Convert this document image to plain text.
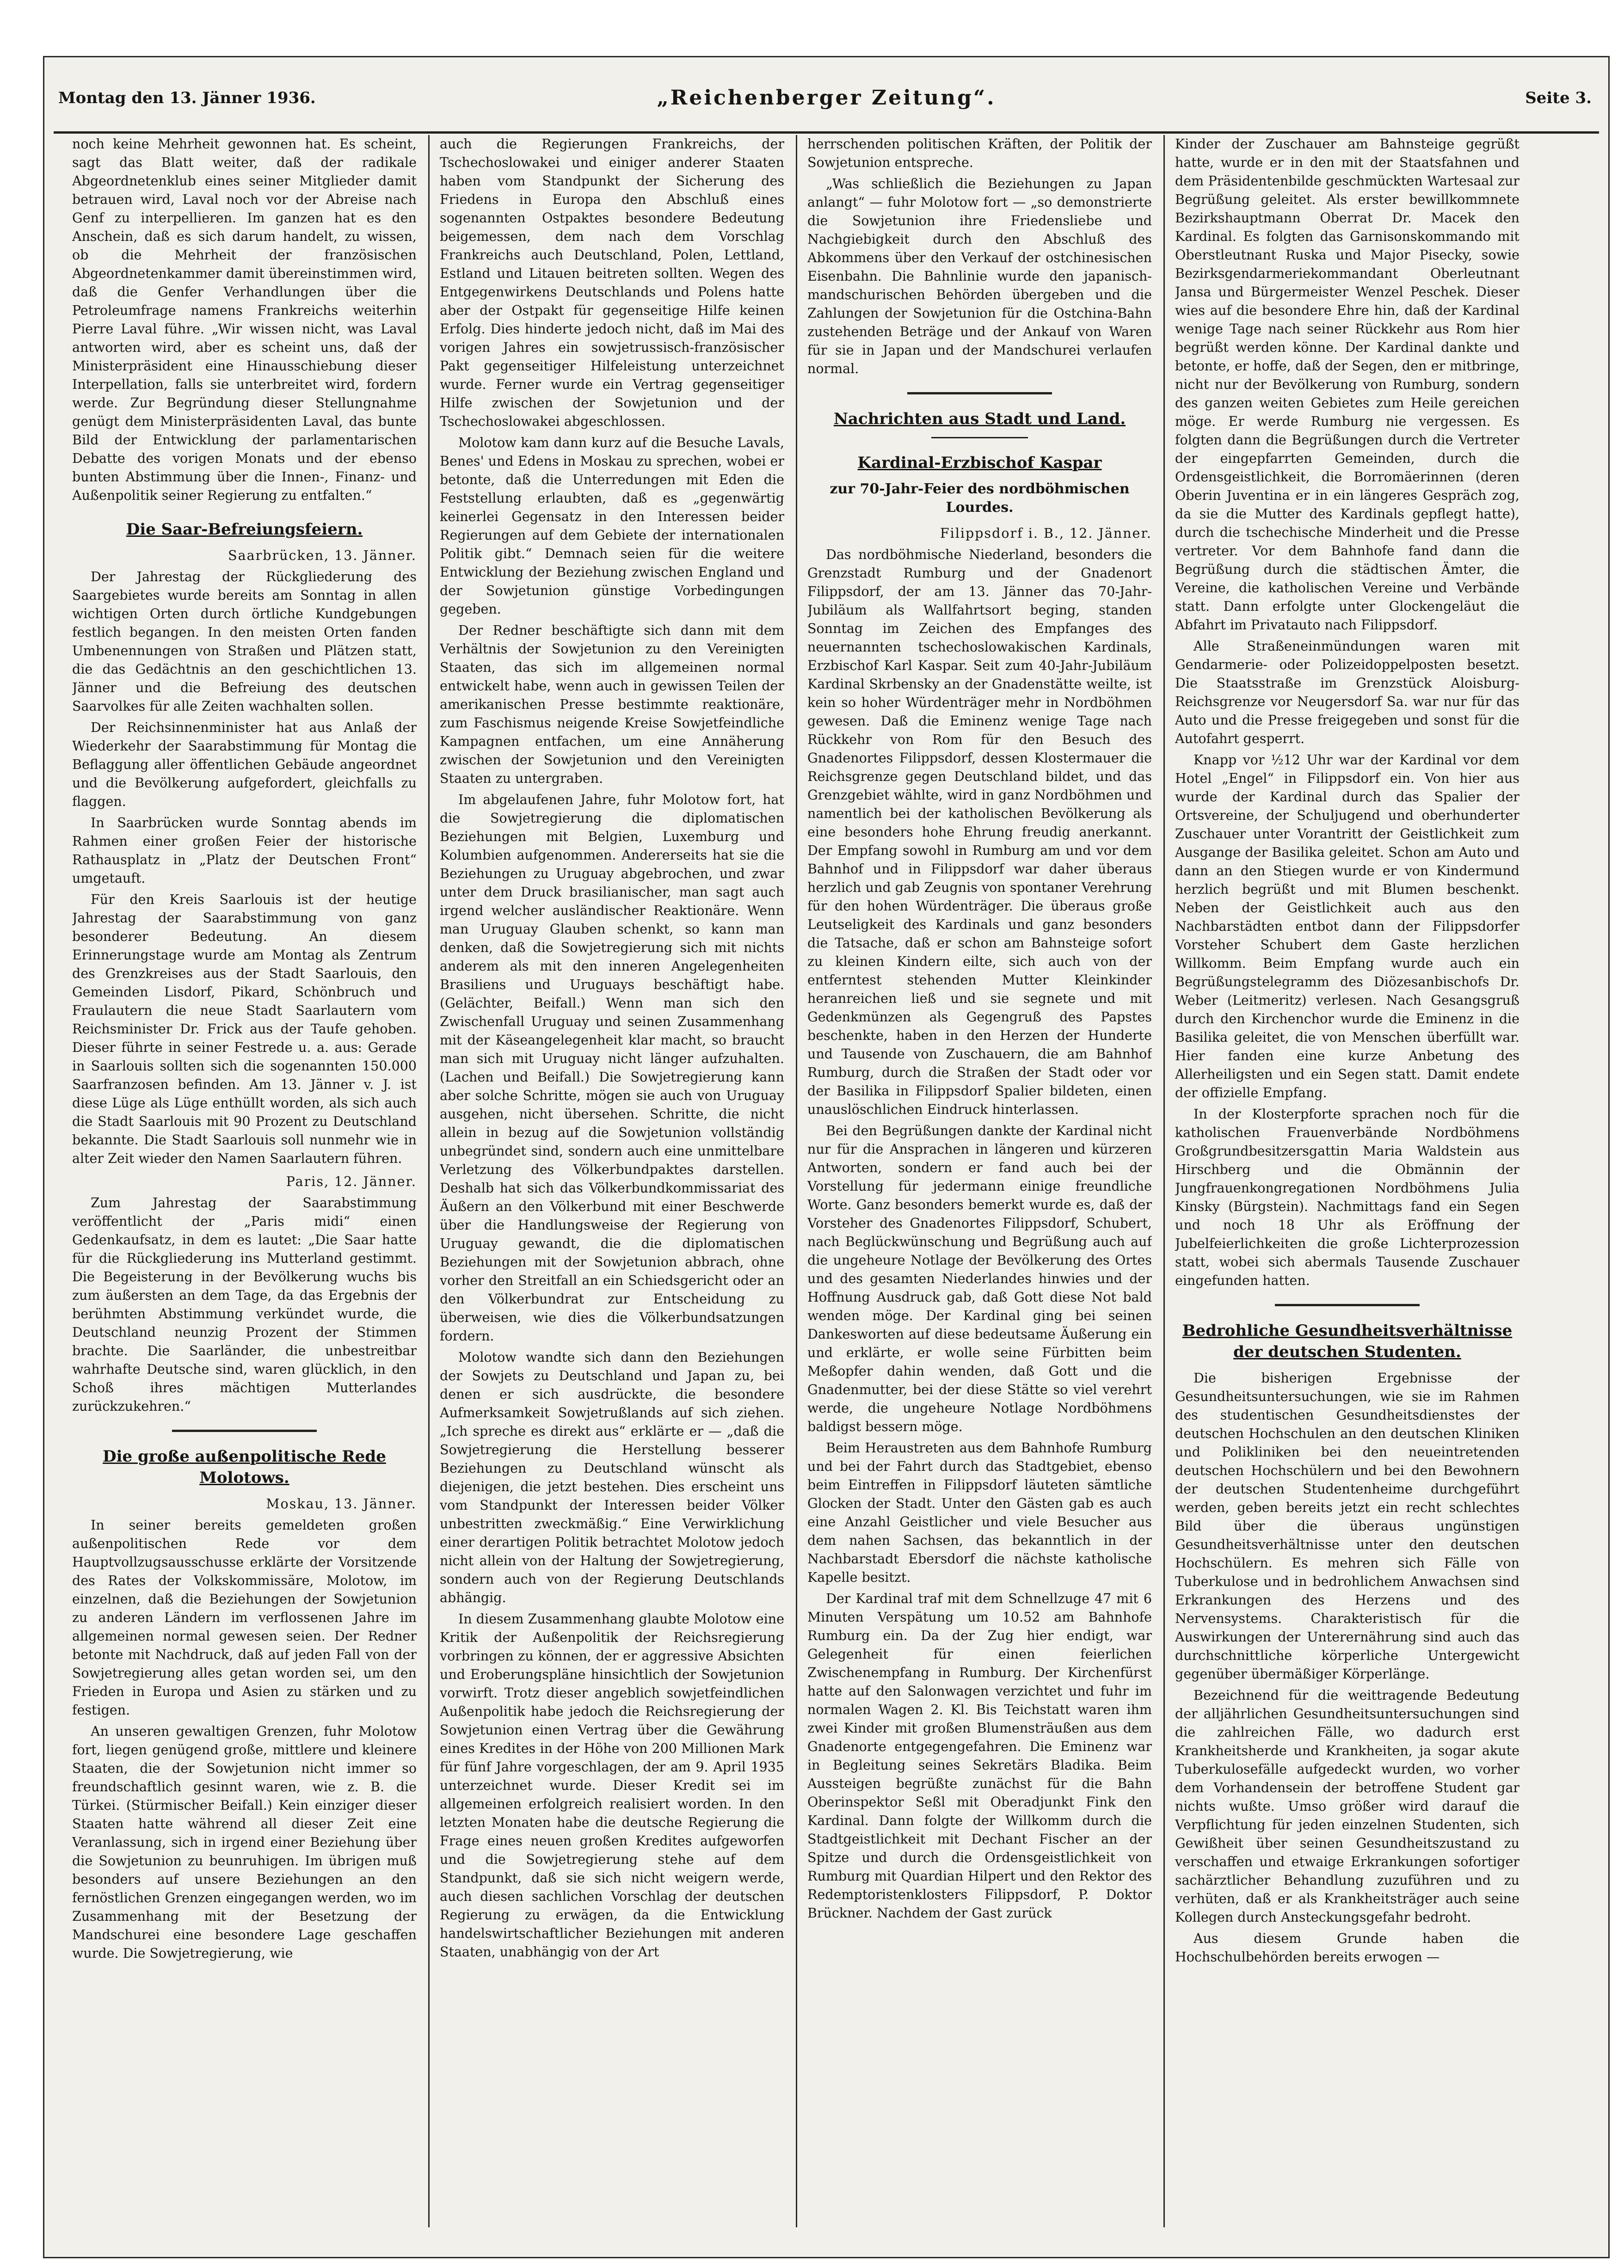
Montag den 13. Jänner 1936.	„Reichenberger Zeitung“.	Seite 3.

noch keine Mehrheit gewonnen hat. Es scheint, sagt das Blatt weiter, daß der radikale Abgeordnetenklub eines seiner Mitglieder damit betrauen wird, Laval noch vor der Abreise nach Genf zu interpellieren. Im ganzen hat es den Anschein, daß es sich darum handelt, zu wissen, ob die Mehrheit der französischen Abgeordnetenkammer damit übereinstimmen wird, daß die Genfer Verhandlungen über die Petroleumfrage namens Frankreichs weiterhin Pierre Laval führe. „Wir wissen nicht, was Laval antworten wird, aber es scheint uns, daß der Ministerpräsident eine Hinausschiebung dieser Interpellation, falls sie unterbreitet wird, fordern werde. Zur Begründung dieser Stellungnahme genügt dem Ministerpräsidenten Laval, das bunte Bild der Entwicklung der parlamentarischen Debatte des vorigen Monats und der ebenso bunten Abstimmung über die Innen-, Finanz- und Außenpolitik seiner Regierung zu entfalten.“

Die Saar-Befreiungsfeiern.

Saarbrücken, 13. Jänner.

Der Jahrestag der Rückgliederung des Saargebietes wurde bereits am Sonntag in allen wichtigen Orten durch örtliche Kundgebungen festlich begangen. In den meisten Orten fanden Umbenennungen von Straßen und Plätzen statt, die das Gedächtnis an den geschichtlichen 13. Jänner und die Befreiung des deutschen Saarvolkes für alle Zeiten wachhalten sollen.

Der Reichsinnenminister hat aus Anlaß der Wiederkehr der Saarabstimmung für Montag die Beflaggung aller öffentlichen Gebäude angeordnet und die Bevölkerung aufgefordert, gleichfalls zu flaggen.

In Saarbrücken wurde Sonntag abends im Rahmen einer großen Feier der historische Rathausplatz in „Platz der Deutschen Front“ umgetauft.

Für den Kreis Saarlouis ist der heutige Jahrestag der Saarabstimmung von ganz besonderer Bedeutung. An diesem Erinnerungstage wurde am Montag als Zentrum des Grenzkreises aus der Stadt Saarlouis, den Gemeinden Lisdorf, Pikard, Schönbruch und Fraulautern die neue Stadt Saarlautern vom Reichsminister Dr. Frick aus der Taufe gehoben. Dieser führte in seiner Festrede u. a. aus: Gerade in Saarlouis sollten sich die sogenannten 150.000 Saarfranzosen befinden. Am 13. Jänner v. J. ist diese Lüge als Lüge enthüllt worden, als sich auch die Stadt Saarlouis mit 90 Prozent zu Deutschland bekannte. Die Stadt Saarlouis soll nunmehr wie in alter Zeit wieder den Namen Saarlautern führen.

Paris, 12. Jänner.

Zum Jahrestag der Saarabstimmung veröffentlicht der „Paris midi“ einen Gedenkaufsatz, in dem es lautet: „Die Saar hatte für die Rückgliederung ins Mutterland gestimmt. Die Begeisterung in der Bevölkerung wuchs bis zum äußersten an dem Tage, da das Ergebnis der berühmten Abstimmung verkündet wurde, die Deutschland neunzig Prozent der Stimmen brachte. Die Saarländer, die unbestreitbar wahrhafte Deutsche sind, waren glücklich, in den Schoß ihres mächtigen Mutterlandes zurückzukehren.“

Die große außenpolitische Rede Molotows.

Moskau, 13. Jänner.

In seiner bereits gemeldeten großen außenpolitischen Rede vor dem Hauptvollzugsausschusse erklärte der Vorsitzende des Rates der Volkskommissäre, Molotow, im einzelnen, daß die Beziehungen der Sowjetunion zu anderen Ländern im verflossenen Jahre im allgemeinen normal gewesen seien. Der Redner betonte mit Nachdruck, daß auf jeden Fall von der Sowjetregierung alles getan worden sei, um den Frieden in Europa und Asien zu stärken und zu festigen.

An unseren gewaltigen Grenzen, fuhr Molotow fort, liegen genügend große, mittlere und kleinere Staaten, die der Sowjetunion nicht immer so freundschaftlich gesinnt waren, wie z. B. die Türkei. (Stürmischer Beifall.) Kein einziger dieser Staaten hatte während all dieser Zeit eine Veranlassung, sich in irgend einer Beziehung über die Sowjetunion zu beunruhigen. Im übrigen muß besonders auf unsere Beziehungen an den fernöstlichen Grenzen eingegangen werden, wo im Zusammenhang mit der Besetzung der Mandschurei eine besondere Lage geschaffen wurde. Die Sowjetregierung, wie

auch die Regierungen Frankreichs, der Tschechoslowakei und einiger anderer Staaten haben vom Standpunkt der Sicherung des Friedens in Europa den Abschluß eines sogenannten Ostpaktes besondere Bedeutung beigemessen, dem nach dem Vorschlag Frankreichs auch Deutschland, Polen, Lettland, Estland und Litauen beitreten sollten. Wegen des Entgegenwirkens Deutschlands und Polens hatte aber der Ostpakt für gegenseitige Hilfe keinen Erfolg. Dies hinderte jedoch nicht, daß im Mai des vorigen Jahres ein sowjetrussisch-französischer Pakt gegenseitiger Hilfeleistung unterzeichnet wurde. Ferner wurde ein Vertrag gegenseitiger Hilfe zwischen der Sowjetunion und der Tschechoslowakei abgeschlossen.

Molotow kam dann kurz auf die Besuche Lavals, Benes' und Edens in Moskau zu sprechen, wobei er betonte, daß die Unterredungen mit Eden die Feststellung erlaubten, daß es „gegenwärtig keinerlei Gegensatz in den Interessen beider Regierungen auf dem Gebiete der internationalen Politik gibt.“ Demnach seien für die weitere Entwicklung der Beziehung zwischen England und der Sowjetunion günstige Vorbedingungen gegeben.

Der Redner beschäftigte sich dann mit dem Verhältnis der Sowjetunion zu den Vereinigten Staaten, das sich im allgemeinen normal entwickelt habe, wenn auch in gewissen Teilen der amerikanischen Presse bestimmte reaktionäre, zum Faschismus neigende Kreise Sowjetfeindliche Kampagnen entfachen, um eine Annäherung zwischen der Sowjetunion und den Vereinigten Staaten zu untergraben.

Im abgelaufenen Jahre, fuhr Molotow fort, hat die Sowjetregierung die diplomatischen Beziehungen mit Belgien, Luxemburg und Kolumbien aufgenommen. Andererseits hat sie die Beziehungen zu Uruguay abgebrochen, und zwar unter dem Druck brasilianischer, man sagt auch irgend welcher ausländischer Reaktionäre. Wenn man Uruguay Glauben schenkt, so kann man denken, daß die Sowjetregierung sich mit nichts anderem als mit den inneren Angelegenheiten Brasiliens und Uruguays beschäftigt habe. (Gelächter, Beifall.) Wenn man sich den Zwischenfall Uruguay und seinen Zusammenhang mit der Käseangelegenheit klar macht, so braucht man sich mit Uruguay nicht länger aufzuhalten. (Lachen und Beifall.) Die Sowjetregierung kann aber solche Schritte, mögen sie auch von Uruguay ausgehen, nicht übersehen. Schritte, die nicht allein in bezug auf die Sowjetunion vollständig unbegründet sind, sondern auch eine unmittelbare Verletzung des Völkerbundpaktes darstellen. Deshalb hat sich das Völkerbundkommissariat des Äußern an den Völkerbund mit einer Beschwerde über die Handlungsweise der Regierung von Uruguay gewandt, die die diplomatischen Beziehungen mit der Sowjetunion abbrach, ohne vorher den Streitfall an ein Schiedsgericht oder an den Völkerbundrat zur Entscheidung zu überweisen, wie dies die Völkerbundsatzungen fordern.

Molotow wandte sich dann den Beziehungen der Sowjets zu Deutschland und Japan zu, bei denen er sich ausdrückte, die besondere Aufmerksamkeit Sowjetrußlands auf sich ziehen. „Ich spreche es direkt aus“ erklärte er — „daß die Sowjetregierung die Herstellung besserer Beziehungen zu Deutschland wünscht als diejenigen, die jetzt bestehen. Dies erscheint uns vom Standpunkt der Interessen beider Völker unbestritten zweckmäßig.“ Eine Verwirklichung einer derartigen Politik betrachtet Molotow jedoch nicht allein von der Haltung der Sowjetregierung, sondern auch von der Regierung Deutschlands abhängig.

In diesem Zusammenhang glaubte Molotow eine Kritik der Außenpolitik der Reichsregierung vorbringen zu können, der er aggressive Absichten und Eroberungspläne hinsichtlich der Sowjetunion vorwirft. Trotz dieser angeblich sowjetfeindlichen Außenpolitik habe jedoch die Reichsregierung der Sowjetunion einen Vertrag über die Gewährung eines Kredites in der Höhe von 200 Millionen Mark für fünf Jahre vorgeschlagen, der am 9. April 1935 unterzeichnet wurde. Dieser Kredit sei im allgemeinen erfolgreich realisiert worden. In den letzten Monaten habe die deutsche Regierung die Frage eines neuen großen Kredites aufgeworfen und die Sowjetregierung stehe auf dem Standpunkt, daß sie sich nicht weigern werde, auch diesen sachlichen Vorschlag der deutschen Regierung zu erwägen, da die Entwicklung handelswirtschaftlicher Beziehungen mit anderen Staaten, unabhängig von der Art

herrschenden politischen Kräften, der Politik der Sowjetunion entspreche.

„Was schließlich die Beziehungen zu Japan anlangt“ — fuhr Molotow fort — „so demonstrierte die Sowjetunion ihre Friedensliebe und Nachgiebigkeit durch den Abschluß des Abkommens über den Verkauf der ostchinesischen Eisenbahn. Die Bahnlinie wurde den japanisch-mandschurischen Behörden übergeben und die Zahlungen der Sowjetunion für die Ostchina-Bahn zustehenden Beträge und der Ankauf von Waren für sie in Japan und der Mandschurei verlaufen normal.

Nachrichten aus Stadt und Land.
Kardinal-Erzbischof Kaspar
zur 70-Jahr-Feier des nordböhmischen Lourdes.

Filippsdorf i. B., 12. Jänner.

Das nordböhmische Niederland, besonders die Grenzstadt Rumburg und der Gnadenort Filippsdorf, der am 13. Jänner das 70-Jahr-Jubiläum als Wallfahrtsort beging, standen Sonntag im Zeichen des Empfanges des neuernannten tschechoslowakischen Kardinals, Erzbischof Karl Kaspar. Seit zum 40-Jahr-Jubiläum Kardinal Skrbensky an der Gnadenstätte weilte, ist kein so hoher Würdenträger mehr in Nordböhmen gewesen. Daß die Eminenz wenige Tage nach Rückkehr von Rom für den Besuch des Gnadenortes Filippsdorf, dessen Klostermauer die Reichsgrenze gegen Deutschland bildet, und das Grenzgebiet wählte, wird in ganz Nordböhmen und namentlich bei der katholischen Bevölkerung als eine besonders hohe Ehrung freudig anerkannt. Der Empfang sowohl in Rumburg am und vor dem Bahnhof und in Filippsdorf war daher überaus herzlich und gab Zeugnis von spontaner Verehrung für den hohen Würdenträger. Die überaus große Leutseligkeit des Kardinals und ganz besonders die Tatsache, daß er schon am Bahnsteige sofort zu kleinen Kindern eilte, sich auch von der entferntest stehenden Mutter Kleinkinder heranreichen ließ und sie segnete und mit Gedenkmünzen als Gegengruß des Papstes beschenkte, haben in den Herzen der Hunderte und Tausende von Zuschauern, die am Bahnhof Rumburg, durch die Straßen der Stadt oder vor der Basilika in Filippsdorf Spalier bildeten, einen unauslöschlichen Eindruck hinterlassen.

Bei den Begrüßungen dankte der Kardinal nicht nur für die Ansprachen in längeren und kürzeren Antworten, sondern er fand auch bei der Vorstellung für jedermann einige freundliche Worte. Ganz besonders bemerkt wurde es, daß der Vorsteher des Gnadenortes Filippsdorf, Schubert, nach Beglückwünschung und Begrüßung auch auf die ungeheure Notlage der Bevölkerung des Ortes und des gesamten Niederlandes hinwies und der Hoffnung Ausdruck gab, daß Gott diese Not bald wenden möge. Der Kardinal ging bei seinen Dankesworten auf diese bedeutsame Äußerung ein und erklärte, er wolle seine Fürbitten beim Meßopfer dahin wenden, daß Gott und die Gnadenmutter, bei der diese Stätte so viel verehrt werde, die ungeheure Notlage Nordböhmens baldigst bessern möge.

Beim Heraustreten aus dem Bahnhofe Rumburg und bei der Fahrt durch das Stadtgebiet, ebenso beim Eintreffen in Filippsdorf läuteten sämtliche Glocken der Stadt. Unter den Gästen gab es auch eine Anzahl Geistlicher und viele Besucher aus dem nahen Sachsen, das bekanntlich in der Nachbarstadt Ebersdorf die nächste katholische Kapelle besitzt.

Der Kardinal traf mit dem Schnellzuge 47 mit 6 Minuten Verspätung um 10.52 am Bahnhofe Rumburg ein. Da der Zug hier endigt, war Gelegenheit für einen feierlichen Zwischenempfang in Rumburg. Der Kirchenfürst hatte auf den Salonwagen verzichtet und fuhr im normalen Wagen 2. Kl. Bis Teichstatt waren ihm zwei Kinder mit großen Blumensträußen aus dem Gnadenorte entgegengefahren. Die Eminenz war in Begleitung seines Sekretärs Bladika. Beim Aussteigen begrüßte zunächst für die Bahn Oberinspektor Seßl mit Oberadjunkt Fink den Kardinal. Dann folgte der Willkomm durch die Stadtgeistlichkeit mit Dechant Fischer an der Spitze und durch die Ordensgeistlichkeit von Rumburg mit Quardian Hilpert und den Rektor des Redemptoristenklosters Filippsdorf, P. Doktor Brückner. Nachdem der Gast zurück

Kinder der Zuschauer am Bahnsteige gegrüßt hatte, wurde er in den mit der Staatsfahnen und dem Präsidentenbilde geschmückten Wartesaal zur Begrüßung geleitet. Als erster bewillkommnete Bezirkshauptmann Oberrat Dr. Macek den Kardinal. Es folgten das Garnisonskommando mit Oberstleutnant Ruska und Major Pisecky, sowie Bezirksgendarmeriekommandant Oberleutnant Jansa und Bürgermeister Wenzel Peschek. Dieser wies auf die besondere Ehre hin, daß der Kardinal wenige Tage nach seiner Rückkehr aus Rom hier begrüßt werden könne. Der Kardinal dankte und betonte, er hoffe, daß der Segen, den er mitbringe, nicht nur der Bevölkerung von Rumburg, sondern des ganzen weiten Gebietes zum Heile gereichen möge. Er werde Rumburg nie vergessen. Es folgten dann die Begrüßungen durch die Vertreter der eingepfarrten Gemeinden, durch die Ordensgeistlichkeit, die Borromäerinnen (deren Oberin Juventina er in ein längeres Gespräch zog, da sie die Mutter des Kardinals gepflegt hatte), durch die tschechische Minderheit und die Presse vertreter. Vor dem Bahnhofe fand dann die Begrüßung durch die städtischen Ämter, die Vereine, die katholischen Vereine und Verbände statt. Dann erfolgte unter Glockengeläut die Abfahrt im Privatauto nach Filippsdorf.

Alle Straßeneinmündungen waren mit Gendarmerie- oder Polizeidoppelposten besetzt. Die Staatsstraße im Grenzstück Aloisburg-Reichsgrenze vor Neugersdorf Sa. war nur für das Auto und die Presse freigegeben und sonst für die Autofahrt gesperrt.

Knapp vor ½12 Uhr war der Kardinal vor dem Hotel „Engel“ in Filippsdorf ein. Von hier aus wurde der Kardinal durch das Spalier der Ortsvereine, der Schuljugend und oberhunderter Zuschauer unter Vorantritt der Geistlichkeit zum Ausgange der Basilika geleitet. Schon am Auto und dann an den Stiegen wurde er von Kindermund herzlich begrüßt und mit Blumen beschenkt. Neben der Geistlichkeit auch aus den Nachbarstädten entbot dann der Filippsdorfer Vorsteher Schubert dem Gaste herzlichen Willkomm. Beim Empfang wurde auch ein Begrüßungstelegramm des Diözesanbischofs Dr. Weber (Leitmeritz) verlesen. Nach Gesangsgruß durch den Kirchenchor wurde die Eminenz in die Basilika geleitet, die von Menschen überfüllt war. Hier fanden eine kurze Anbetung des Allerheiligsten und ein Segen statt. Damit endete der offizielle Empfang.

In der Klosterpforte sprachen noch für die katholischen Frauenverbände Nordböhmens Großgrundbesitzersgattin Maria Waldstein aus Hirschberg und die Obmännin der Jungfrauenkongregationen Nordböhmens Julia Kinsky (Bürgstein). Nachmittags fand ein Segen und noch 18 Uhr als Eröffnung der Jubelfeierlichkeiten die große Lichterprozession statt, wobei sich abermals Tausende Zuschauer eingefunden hatten.

Bedrohliche Gesundheitsverhältnisse der deutschen Studenten.

Die bisherigen Ergebnisse der Gesundheitsuntersuchungen, wie sie im Rahmen des studentischen Gesundheitsdienstes der deutschen Hochschulen an den deutschen Kliniken und Polikliniken bei den neueintretenden deutschen Hochschülern und bei den Bewohnern der deutschen Studentenheime durchgeführt werden, geben bereits jetzt ein recht schlechtes Bild über die überaus ungünstigen Gesundheitsverhältnisse unter den deutschen Hochschülern. Es mehren sich Fälle von Tuberkulose und in bedrohlichem Anwachsen sind Erkrankungen des Herzens und des Nervensystems. Charakteristisch für die Auswirkungen der Unterernährung sind auch das durchschnittliche körperliche Untergewicht gegenüber übermäßiger Körperlänge.

Bezeichnend für die weittragende Bedeutung der alljährlichen Gesundheitsuntersuchungen sind die zahlreichen Fälle, wo dadurch erst Krankheitsherde und Krankheiten, ja sogar akute Tuberkulosefälle aufgedeckt wurden, wo vorher dem Vorhandensein der betroffene Student gar nichts wußte. Umso größer wird darauf die Verpflichtung für jeden einzelnen Studenten, sich Gewißheit über seinen Gesundheitszustand zu verschaffen und etwaige Erkrankungen sofortiger sachärztlicher Behandlung zuzuführen und zu verhüten, daß er als Krankheitsträger auch seine Kollegen durch Ansteckungsgefahr bedroht.

Aus diesem Grunde haben die Hochschulbehörden bereits erwogen —
